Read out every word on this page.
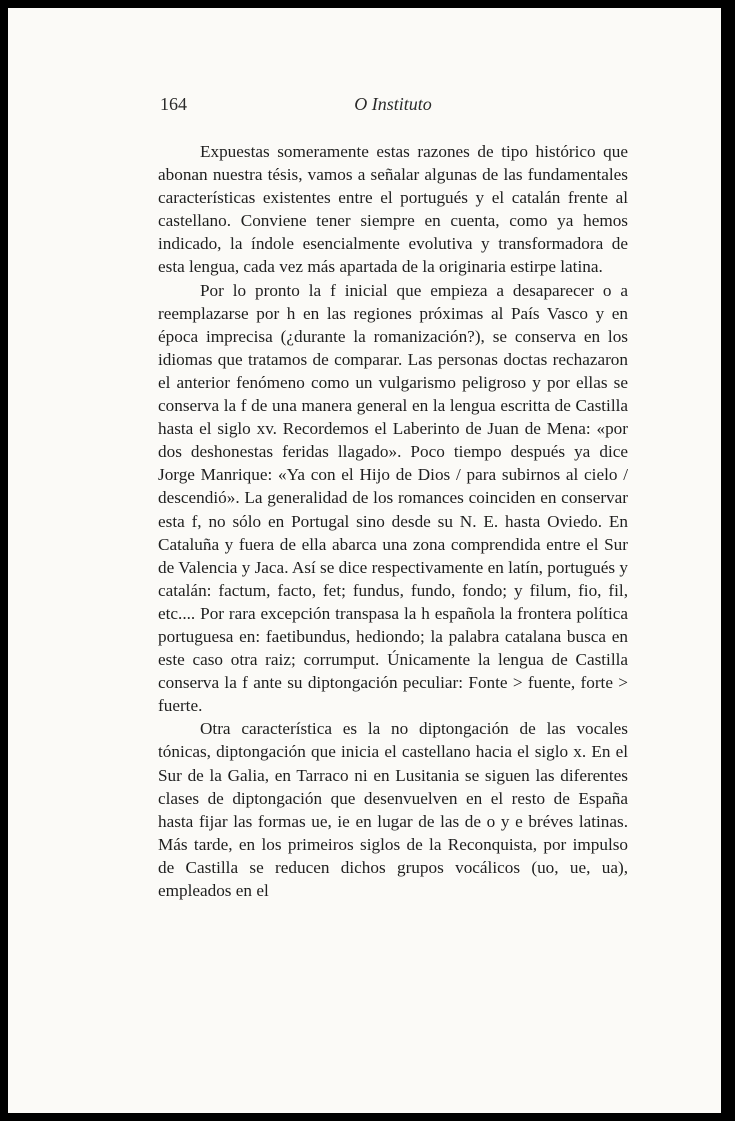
164	O Instituto

Expuestas someramente estas razones de tipo histórico que abonan nuestra tésis, vamos a señalar algunas de las fundamentales características existentes entre el portugués y el catalán frente al castellano. Conviene tener siempre en cuenta, como ya hemos indicado, la índole esencialmente evolutiva y transformadora de esta lengua, cada vez más apartada de la originaria estirpe latina.

Por lo pronto la f inicial que empieza a desaparecer o a reemplazarse por h en las regiones próximas al País Vasco y en época imprecisa (¿durante la romanización?), se conserva en los idiomas que tratamos de comparar. Las personas doctas rechazaron el anterior fenómeno como un vulgarismo peligroso y por ellas se conserva la f de una manera general en la lengua escritta de Castilla hasta el siglo xv. Recordemos el Laberinto de Juan de Mena: «por dos deshonestas feridas llagado». Poco tiempo después ya dice Jorge Manrique: «Ya con el Hijo de Dios / para subirnos al cielo / descendió». La generalidad de los romances coinciden en conservar esta f, no sólo en Portugal sino desde su N. E. hasta Oviedo. En Cataluña y fuera de ella abarca una zona comprendida entre el Sur de Valencia y Jaca. Así se dice respectivamente en latín, portugués y catalán: factum, facto, fet; fundus, fundo, fondo; y filum, fio, fil, etc.... Por rara excepción transpasa la h española la frontera política portuguesa en: faetibundus, hediondo; la palabra catalana busca en este caso otra raiz; corrumput. Únicamente la lengua de Castilla conserva la f ante su diptongación peculiar: Fonte > fuente, forte > fuerte.

Otra característica es la no diptongación de las vocales tónicas, diptongación que inicia el castellano hacia el siglo x. En el Sur de la Galia, en Tarraco ni en Lusitania se siguen las diferentes clases de diptongación que desenvuelven en el resto de España hasta fijar las formas ue, ie en lugar de las de o y e bréves latinas. Más tarde, en los primeiros siglos de la Reconquista, por impulso de Castilla se reducen dichos grupos vocálicos (uo, ue, ua), empleados en el
